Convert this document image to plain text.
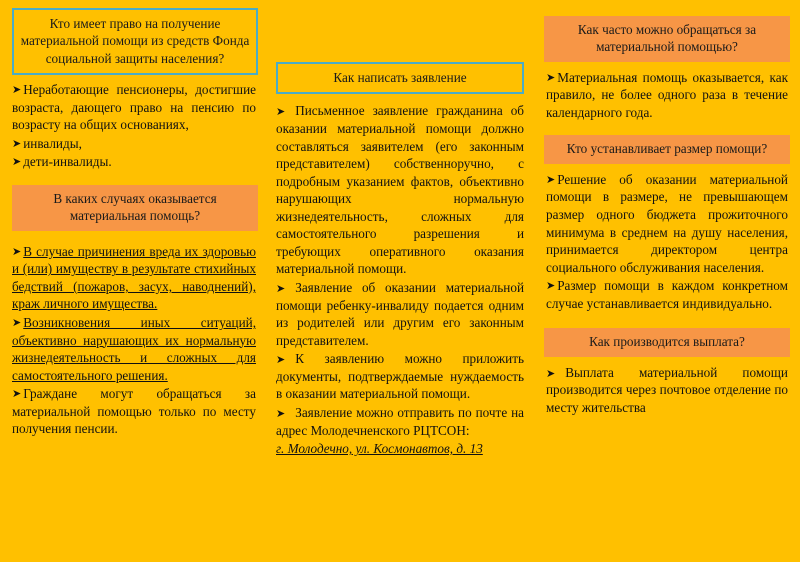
Кто имеет право на получение материальной помощи из средств Фонда социальной защиты населения?

➤ Неработающие пенсионеры, достигшие возраста, дающего право на пенсию по возрасту на общих основаниях,

➤ инвалиды,

➤ дети-инвалиды.

В каких случаях оказывается материальная помощь?

➤ В случае причинения вреда их здоровью и (или) имуществу в результате стихийных бедствий (пожаров, засух, наводнений), краж личного имущества.

➤ Возникновения иных ситуаций, объективно нарушающих их нормальную жизнедеятельность и сложных для самостоятельного решения.

➤ Граждане могут обращаться за материальной помощью только по месту получения пенсии.

Как написать заявление

➤ Письменное заявление гражданина об оказании материальной помощи должно составляться заявителем (его законным представителем) собственноручно, с подробным указанием фактов, объективно нарушающих нормальную жизнедеятельность, сложных для самостоятельного разрешения и требующих оперативного оказания материальной помощи.

➤ Заявление об оказании материальной помощи ребенку-инвалиду подается одним из родителей или другим его законным представителем.

➤ К заявлению можно приложить документы, подтверждаемые нуждаемость в оказании материальной помощи.

➤ Заявление можно отправить по почте на адрес Молодечненского РЦТСОН:

г. Молодечно, ул. Космонавтов, д. 13

Как часто можно обращаться за материальной помощью?

➤ Материальная помощь оказывается, как правило, не более одного раза в течение календарного года.

Кто устанавливает размер помощи?

➤ Решение об оказании материальной помощи в размере, не превышающем размер одного бюджета прожиточного минимума в среднем на душу населения, принимается директором центра социального обслуживания населения.

➤ Размер помощи в каждом конкретном случае устанавливается индивидуально.

Как производится выплата?

➤ Выплата материальной помощи производится через почтовое отделение по месту жительства
